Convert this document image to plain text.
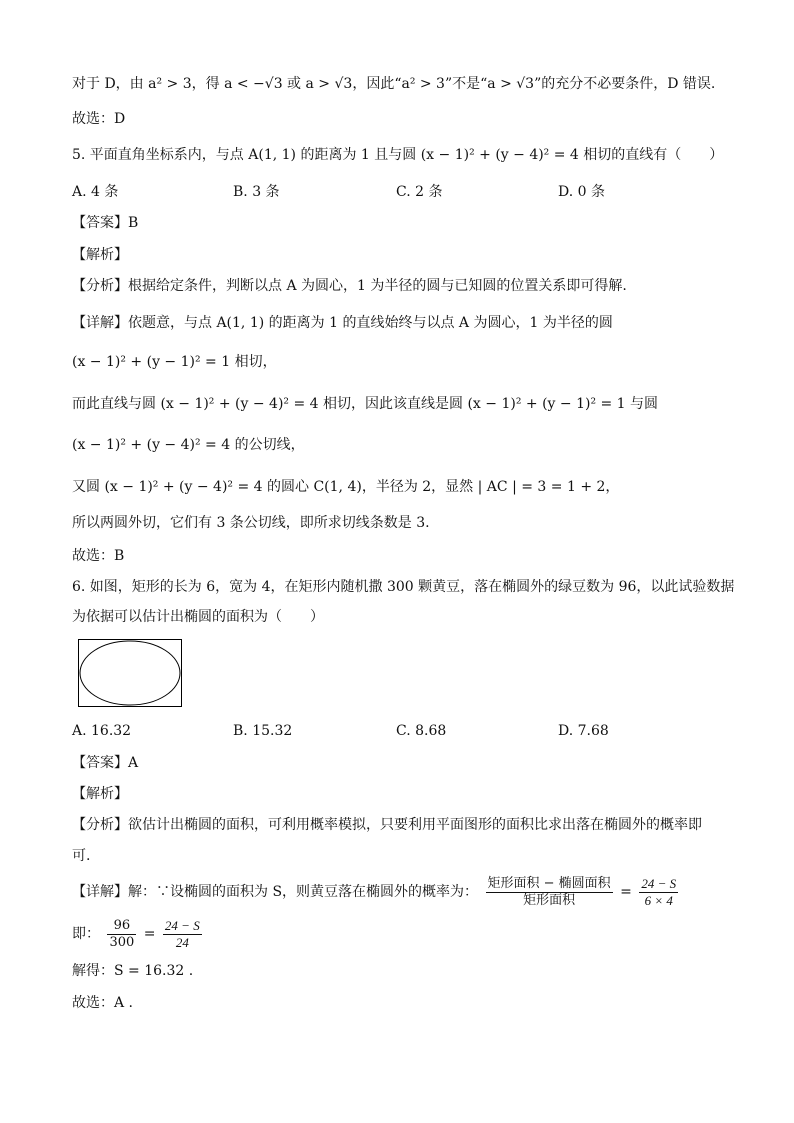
对于 D，由 a² > 3，得 a < −√3 或 a > √3，因此“a² > 3”不是“a > √3”的充分不必要条件，D 错误.
故选：D
5. 平面直角坐标系内，与点 A(1, 1) 的距离为 1 且与圆 (x − 1)² + (y − 4)² = 4 相切的直线有（　　）
A. 4 条	B. 3 条	C. 2 条	D. 0 条
【答案】B
【解析】
【分析】根据给定条件，判断以点 A 为圆心，1 为半径的圆与已知圆的位置关系即可得解.
【详解】依题意，与点 A(1, 1) 的距离为 1 的直线始终与以点 A 为圆心，1 为半径的圆
(x − 1)² + (y − 1)² = 1 相切，
而此直线与圆 (x − 1)² + (y − 4)² = 4 相切，因此该直线是圆 (x − 1)² + (y − 1)² = 1 与圆
(x − 1)² + (y − 4)² = 4 的公切线，
又圆 (x − 1)² + (y − 4)² = 4 的圆心 C(1, 4)，半径为 2，显然 | AC | = 3 = 1 + 2，
所以两圆外切，它们有 3 条公切线，即所求切线条数是 3.
故选：B
6. 如图，矩形的长为 6，宽为 4，在矩形内随机撒 300 颗黄豆，落在椭圆外的绿豆数为 96，以此试验数据
为依据可以估计出椭圆的面积为（　　）
A. 16.32	B. 15.32	C. 8.68	D. 7.68
【答案】A
【解析】
【分析】欲估计出椭圆的面积，可利用概率模拟，只要利用平面图形的面积比求出落在椭圆外的概率即
可.
【详解】解：∵设椭圆的面积为 S，则黄豆落在椭圆外的概率为： $\frac{\text{矩形面积 − 椭圆面积}}{\text{矩形面积}} = \frac{24 - S}{6 \times 4}$
即： $\frac{96}{300} = \frac{24 - S}{24}$
解得：S = 16.32 .
故选：A .
